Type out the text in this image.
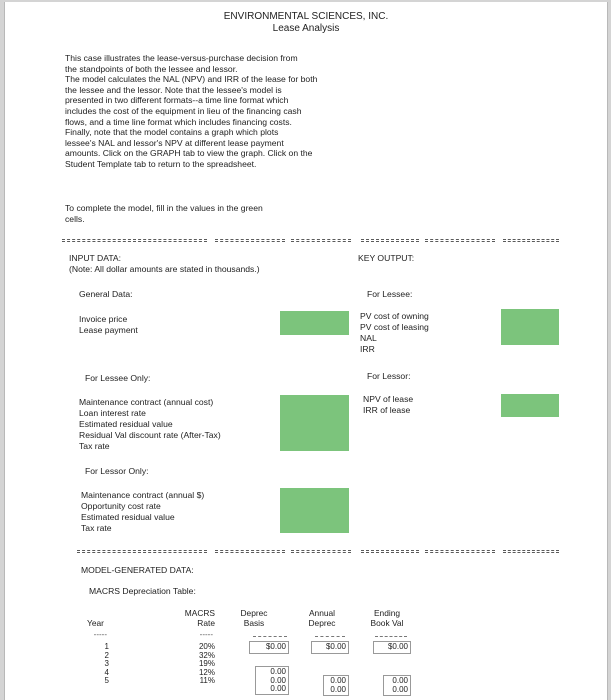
ENVIRONMENTAL SCIENCES, INC.
Lease Analysis
This case illustrates the lease-versus-purchase decision from
the standpoints of both the lessee and lessor.
The model calculates the NAL (NPV) and IRR of the lease for both
the lessee and the lessor. Note that the lessee's model is
presented in two different formats--a time line format which
includes the cost of the equipment in lieu of the financing cash
flows, and a time line format which includes financing costs.
Finally, note that the model contains a graph which plots
lessee's NAL and lessor's NPV at different lease payment
amounts. Click on the GRAPH tab to view the graph. Click on the
Student Template tab to return to the spreadsheet.
To complete the model, fill in the values in the green
cells.
INPUT DATA:
(Note: All dollar amounts are stated in thousands.)
KEY OUTPUT:
General Data:
Invoice price
Lease payment
For Lessee:
PV cost of owning
PV cost of leasing
NAL
IRR
For Lessee Only:
Maintenance contract (annual cost)
Loan interest rate
Estimated residual value
Residual Val discount rate (After-Tax)
Tax rate
For Lessor:
NPV of lease
IRR of lease
For Lessor Only:
Maintenance contract (annual $)
Opportunity cost rate
Estimated residual value
Tax rate
MODEL-GENERATED DATA:
MACRS Depreciation Table:
Year
MACRS
Rate
Deprec
Basis
Annual
Deprec
Ending
Book Val
-----	-----
1
2
3
4
5
20%
32%
19%
12%
11%
$0.00
0.00
0.00
0.00
$0.00
0.00
0.00
$0.00
0.00
0.00
